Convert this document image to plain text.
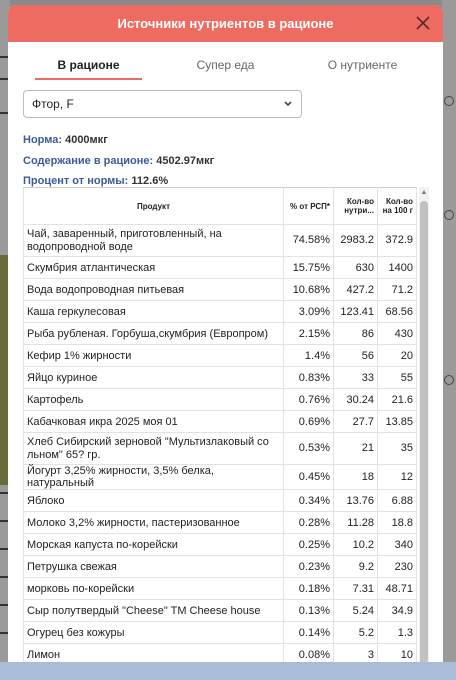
Источники нутриентов в рационе
В рационе	Супер еда	О нутриенте
Фтор, F
Норма: 4000мкг
Содержание в рационе: 4502.97мкг
Процент от нормы: 112.6%
Продукт	% от РСП*	Кол-во нутри...	Кол-во на 100 г
Чай, заваренный, приготовленный, на водопроводной воде	74.58%	2983.2	372.9
Скумбрия атлантическая	15.75%	630	1400
Вода водопроводная питьевая	10.68%	427.2	71.2
Каша геркулесовая	3.09%	123.41	68.56
Рыба рубленая. Горбуша,скумбрия (Европром)	2.15%	86	430
Кефир 1% жирности	1.4%	56	20
Яйцо куриное	0.83%	33	55
Картофель	0.76%	30.24	21.6
Кабачковая икра 2025 моя 01	0.69%	27.7	13.85
Хлеб Сибирский зерновой "Мультизлаковый со льном" 65? гр.	0.53%	21	35
Йогурт 3,25% жирности, 3,5% белка, натуральный	0.45%	18	12
Яблоко	0.34%	13.76	6.88
Молоко 3,2% жирности, пастеризованное	0.28%	11.28	18.8
Морская капуста по-корейски	0.25%	10.2	340
Петрушка свежая	0.23%	9.2	230
морковь по-корейски	0.18%	7.31	48.71
Сыр полутвердый "Cheese" TM Cheese house	0.13%	5.24	34.9
Огурец без кожуры	0.14%	5.2	1.3
Лимон	0.08%	3	10
▲
